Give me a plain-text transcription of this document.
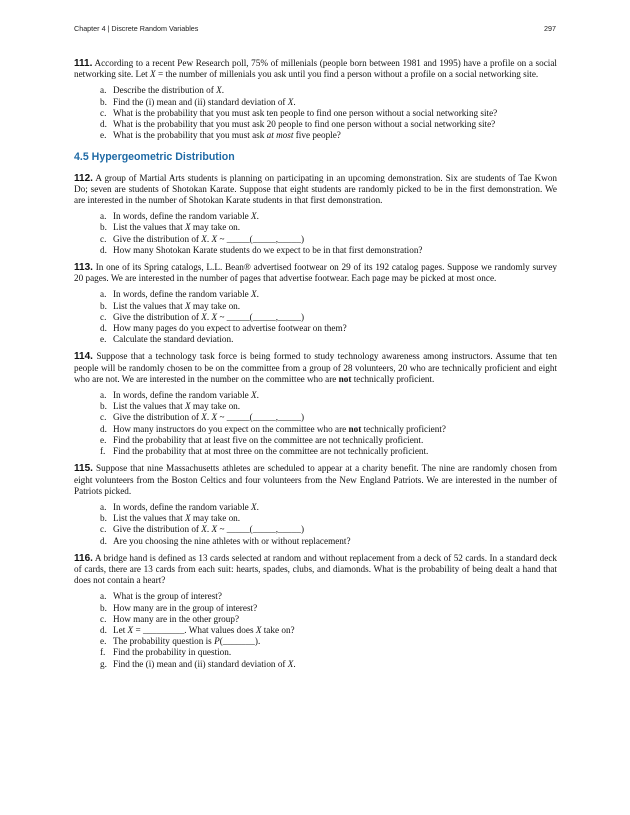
Chapter 4 | Discrete Random Variables	297

111. According to a recent Pew Research poll, 75% of millenials (people born between 1981 and 1995) have a profile on a social networking site. Let X = the number of millenials you ask until you find a person without a profile on a social networking site.

a. Describe the distribution of X.
b. Find the (i) mean and (ii) standard deviation of X.
c. What is the probability that you must ask ten people to find one person without a social networking site?
d. What is the probability that you must ask 20 people to find one person without a social networking site?
e. What is the probability that you must ask at most five people?
4.5 Hypergeometric Distribution

112. A group of Martial Arts students is planning on participating in an upcoming demonstration. Six are students of Tae Kwon Do; seven are students of Shotokan Karate. Suppose that eight students are randomly picked to be in the first demonstration. We are interested in the number of Shotokan Karate students in that first demonstration.

a. In words, define the random variable X.
b. List the values that X may take on.
c. Give the distribution of X. X ~ _____(_____,_____)
d. How many Shotokan Karate students do we expect to be in that first demonstration?

113. In one of its Spring catalogs, L.L. Bean® advertised footwear on 29 of its 192 catalog pages. Suppose we randomly survey 20 pages. We are interested in the number of pages that advertise footwear. Each page may be picked at most once.

a. In words, define the random variable X.
b. List the values that X may take on.
c. Give the distribution of X. X ~ _____(_____,_____)
d. How many pages do you expect to advertise footwear on them?
e. Calculate the standard deviation.

114. Suppose that a technology task force is being formed to study technology awareness among instructors. Assume that ten people will be randomly chosen to be on the committee from a group of 28 volunteers, 20 who are technically proficient and eight who are not. We are interested in the number on the committee who are not technically proficient.

a. In words, define the random variable X.
b. List the values that X may take on.
c. Give the distribution of X. X ~ _____(_____,_____)
d. How many instructors do you expect on the committee who are not technically proficient?
e. Find the probability that at least five on the committee are not technically proficient.
f. Find the probability that at most three on the committee are not technically proficient.

115. Suppose that nine Massachusetts athletes are scheduled to appear at a charity benefit. The nine are randomly chosen from eight volunteers from the Boston Celtics and four volunteers from the New England Patriots. We are interested in the number of Patriots picked.

a. In words, define the random variable X.
b. List the values that X may take on.
c. Give the distribution of X. X ~ _____(_____,_____)
d. Are you choosing the nine athletes with or without replacement?

116. A bridge hand is defined as 13 cards selected at random and without replacement from a deck of 52 cards. In a standard deck of cards, there are 13 cards from each suit: hearts, spades, clubs, and diamonds. What is the probability of being dealt a hand that does not contain a heart?

a. What is the group of interest?
b. How many are in the group of interest?
c. How many are in the other group?
d. Let X = _________. What values does X take on?
e. The probability question is P(_______).
f. Find the probability in question.
g. Find the (i) mean and (ii) standard deviation of X.
